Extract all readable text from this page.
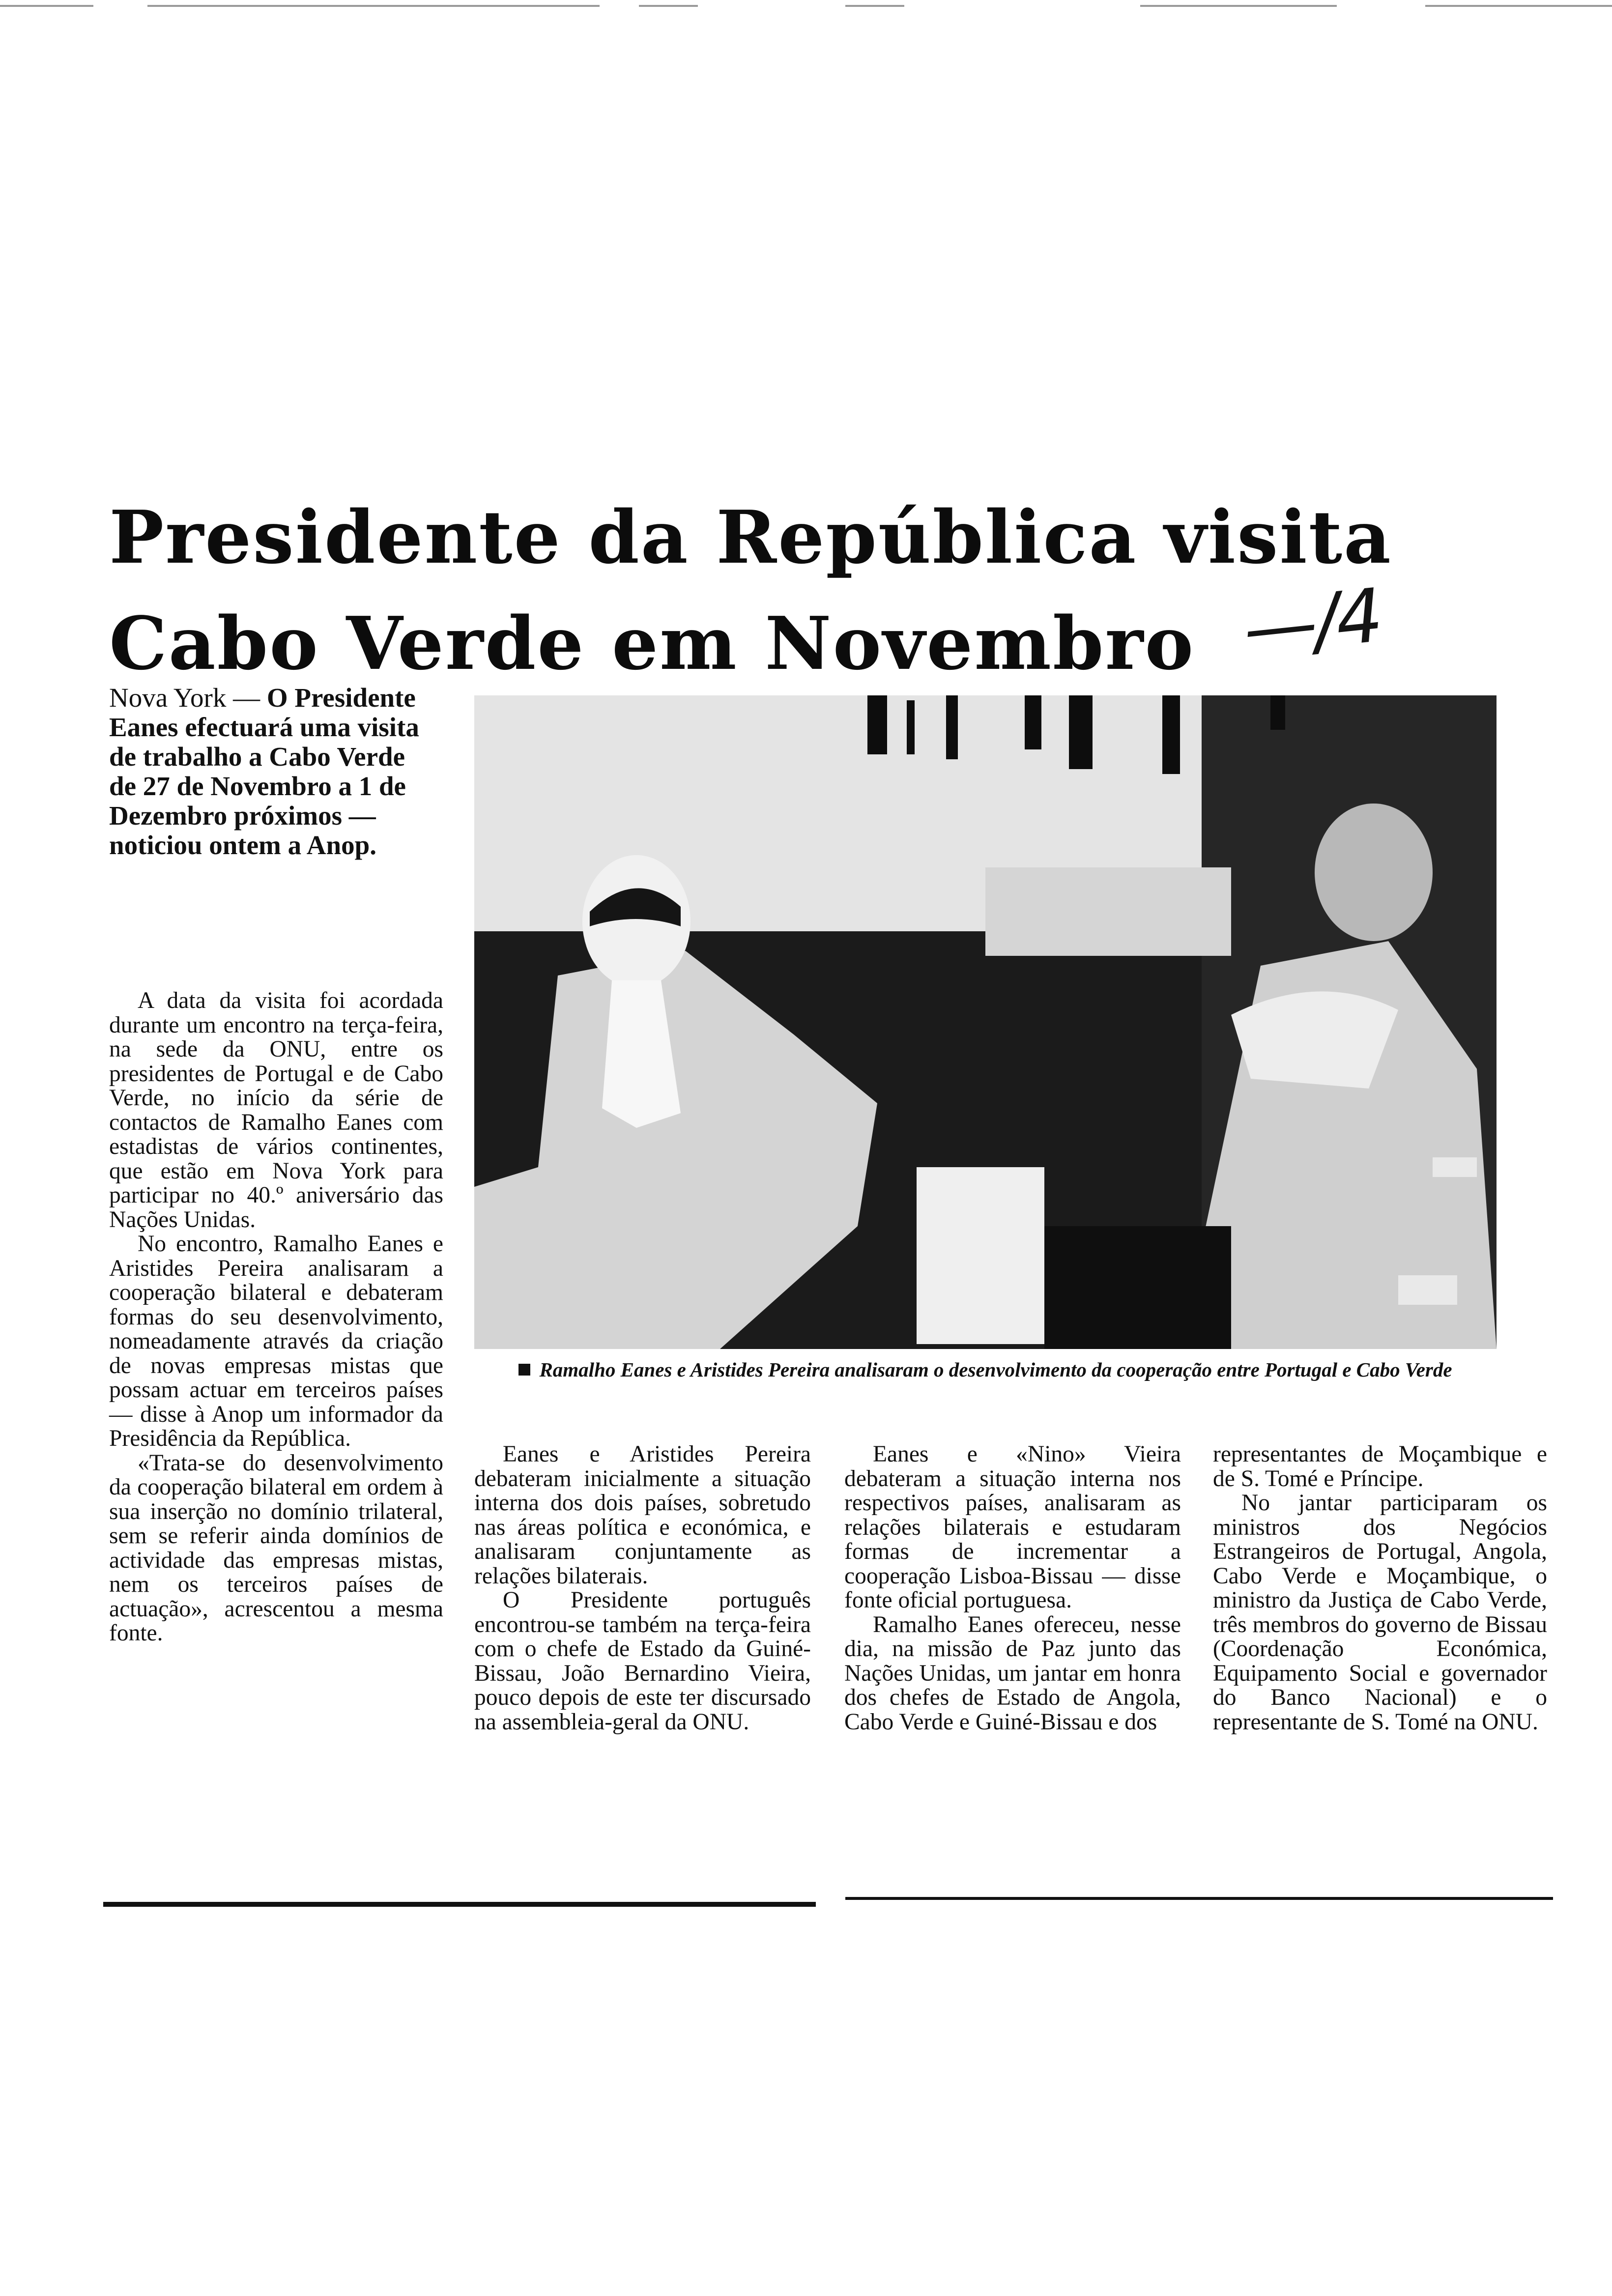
Presidente da República visita
Cabo Verde em Novembro —/4

Nova York — O Presidente Eanes efectuará uma visita de trabalho a Cabo Verde de 27 de Novembro a 1 de Dezembro próximos — noticiou ontem a Anop.

Ramalho Eanes e Aristides Pereira analisaram o desenvolvimento da cooperação entre Portugal e Cabo Verde

A data da visita foi acordada durante um encontro na terça-feira, na sede da ONU, entre os presidentes de Portugal e de Cabo Verde, no início da série de contactos de Ramalho Eanes com estadistas de vários continentes, que estão em Nova York para participar no 40.º aniversário das Nações Unidas.

No encontro, Ramalho Eanes e Aristides Pereira analisaram a cooperação bilateral e debateram formas do seu desenvolvimento, nomeadamente através da criação de novas empresas mistas que possam actuar em terceiros países — disse à Anop um informador da Presidência da República.

«Trata-se do desenvolvimento da cooperação bilateral em ordem à sua inserção no domínio trilateral, sem se referir ainda domínios de actividade das empresas mistas, nem os terceiros países de actuação», acrescentou a mesma fonte.

Eanes e Aristides Pereira debateram inicialmente a situação interna dos dois países, sobretudo nas áreas política e económica, e analisaram conjuntamente as relações bilaterais.

O Presidente português encontrou-se também na terça-feira com o chefe de Estado da Guiné-Bissau, João Bernardino Vieira, pouco depois de este ter discursado na assembleia-geral da ONU.

Eanes e «Nino» Vieira debateram a situação interna nos respectivos países, analisaram as relações bilaterais e estudaram formas de incrementar a cooperação Lisboa-Bissau — disse fonte oficial portuguesa.

Ramalho Eanes ofereceu, nesse dia, na missão de Paz junto das Nações Unidas, um jantar em honra dos chefes de Estado de Angola, Cabo Verde e Guiné-Bissau e dos

representantes de Moçambique e de S. Tomé e Príncipe.

No jantar participaram os ministros dos Negócios Estrangeiros de Portugal, Angola, Cabo Verde e Moçambique, o ministro da Justiça de Cabo Verde, três membros do governo de Bissau (Coordenação Económica, Equipamento Social e governador do Banco Nacional) e o representante de S. Tomé na ONU.
